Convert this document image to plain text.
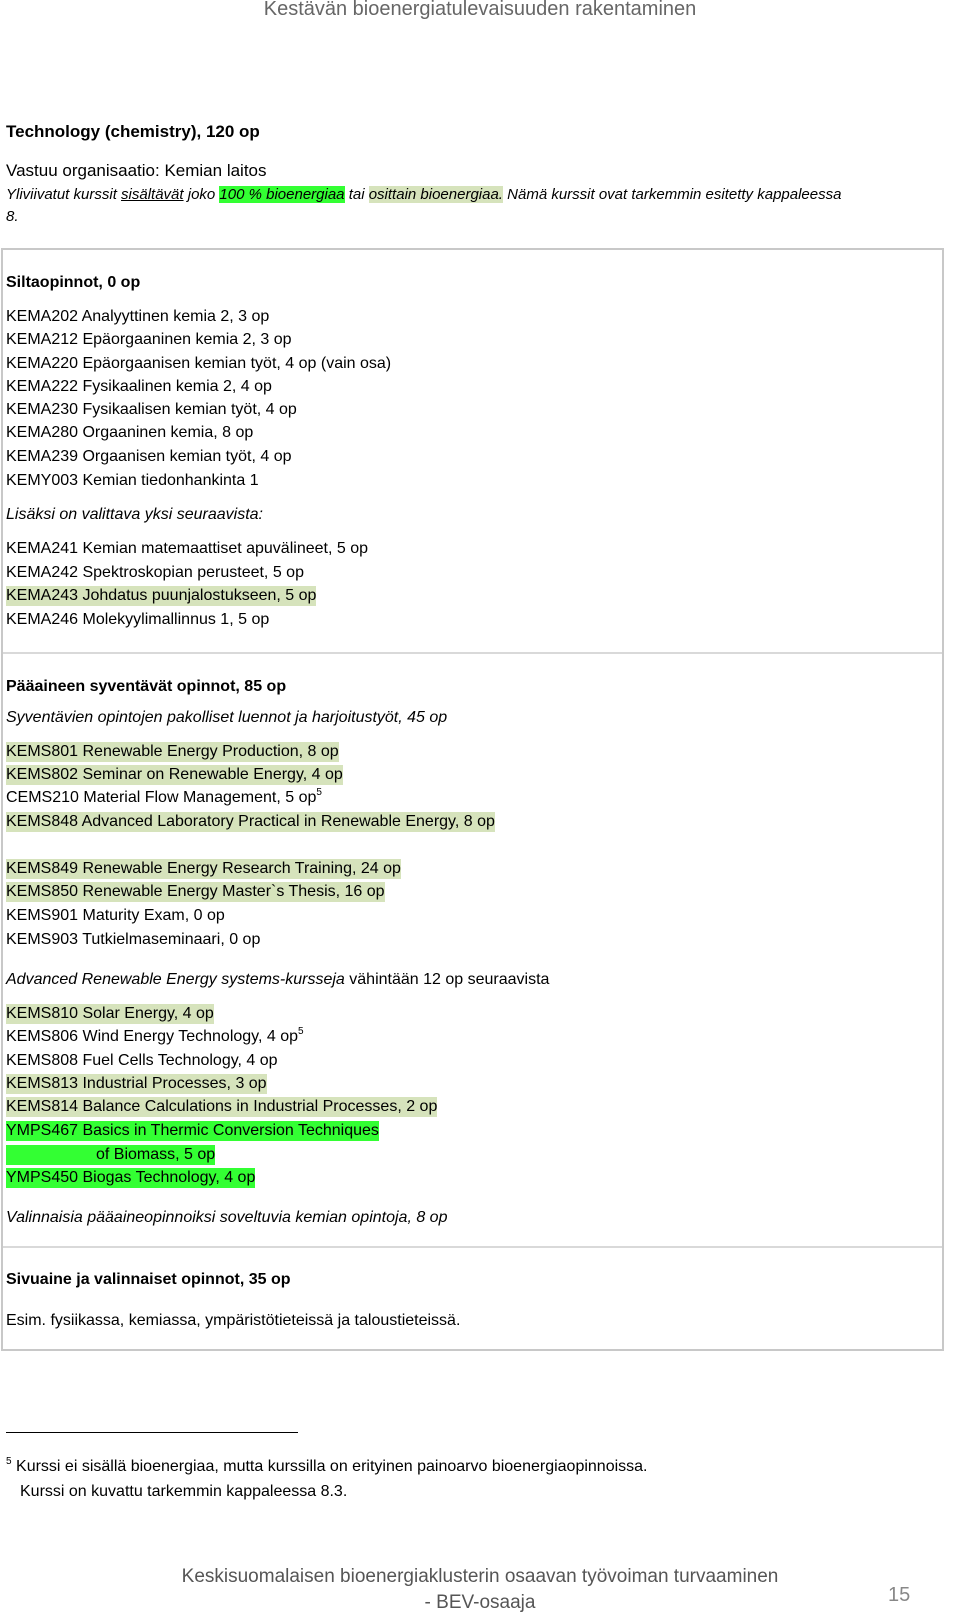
Kestävän bioenergiatulevaisuuden rakentaminen
Technology (chemistry), 120 op
Vastuu organisaatio: Kemian laitos
Yliviivatut kurssit sisältävät joko 100 % bioenergiaa tai osittain bioenergiaa. Nämä kurssit ovat tarkemmin esitetty kappaleessa
8.
Siltaopinnot, 0 op
KEMA202 Analyyttinen kemia 2, 3 op
KEMA212 Epäorgaaninen kemia 2, 3 op
KEMA220 Epäorgaanisen kemian työt, 4 op (vain osa)
KEMA222 Fysikaalinen kemia 2, 4 op
KEMA230 Fysikaalisen kemian työt, 4 op
KEMA280 Orgaaninen kemia, 8 op
KEMA239 Orgaanisen kemian työt, 4 op
KEMY003 Kemian tiedonhankinta 1
Lisäksi on valittava yksi seuraavista:
KEMA241 Kemian matemaattiset apuvälineet, 5 op
KEMA242 Spektroskopian perusteet, 5 op
KEMA243 Johdatus puunjalostukseen, 5 op
KEMA246 Molekyylimallinnus 1, 5 op
Pääaineen syventävät opinnot, 85 op
Syventävien opintojen pakolliset luennot ja harjoitustyöt, 45 op
KEMS801 Renewable Energy Production, 8 op
KEMS802 Seminar on Renewable Energy, 4 op
CEMS210 Material Flow Management, 5 $op^5$
KEMS848 Advanced Laboratory Practical in Renewable Energy, 8 op
KEMS849 Renewable Energy Research Training, 24 op
KEMS850 Renewable Energy Master`s Thesis, 16 op
KEMS901 Maturity Exam, 0 op
KEMS903 Tutkielmaseminaari, 0 op
Advanced Renewable Energy systems-kursseja vähintään 12 op seuraavista
KEMS810 Solar Energy, 4 op
KEMS806 Wind Energy Technology, 4 $op^5$
KEMS808 Fuel Cells Technology, 4 op
KEMS813 Industrial Processes, 3 op
KEMS814 Balance Calculations in Industrial Processes, 2 op
YMPS467 Basics in Thermic Conversion Techniques
of Biomass, 5 op
YMPS450 Biogas Technology, 4 op
Valinnaisia pääaineopinnoiksi soveltuvia kemian opintoja, 8 op
Sivuaine ja valinnaiset opinnot, 35 op
Esim. fysiikassa, kemiassa, ympäristötieteissä ja taloustieteissä.
$^5$ Kurssi ei sisällä bioenergiaa, mutta kurssilla on erityinen painoarvo bioenergiaopinnoissa.
Kurssi on kuvattu tarkemmin kappaleessa 8.3.
Keskisuomalaisen bioenergiaklusterin osaavan työvoiman turvaaminen
- BEV-osaaja	15
